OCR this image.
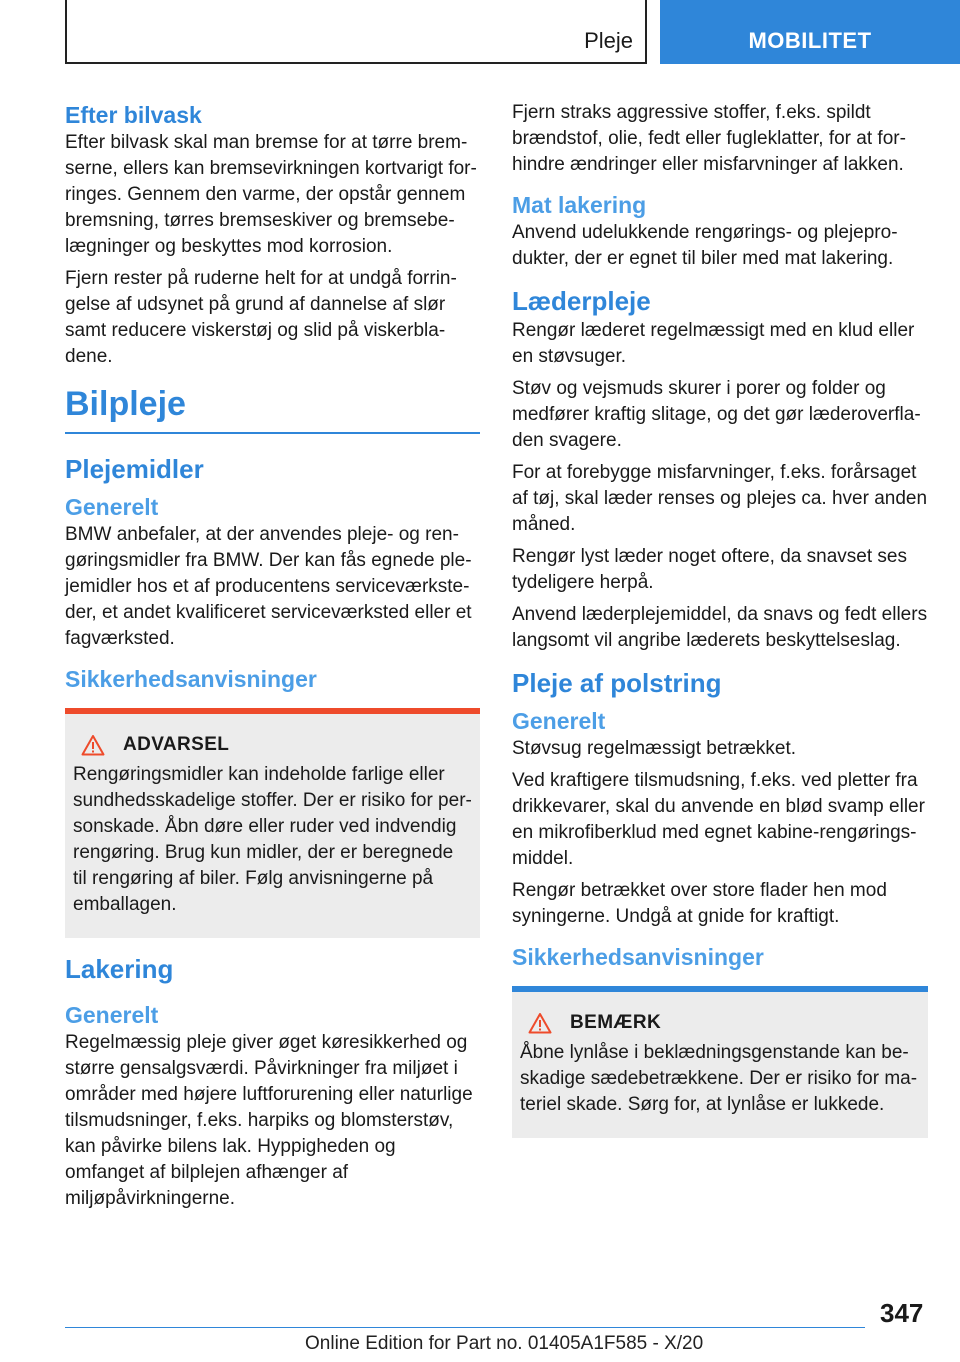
Pleje	MOBILITET
Efter bilvask

Efter bilvask skal man bremse for at tørre bremserne, ellers kan bremsevirkningen kortvarigt forringes. Gennem den varme, der opstår gennem bremsning, tørres bremseskiver og bremsebelægninger og beskyttes mod korrosion.

Fjern rester på ruderne helt for at undgå forringelse af udsynet på grund af dannelse af slør samt reducere viskerstøj og slid på viskerbladene.

Bilpleje
Plejemidler
Generelt

BMW anbefaler, at der anvendes pleje- og rengøringsmidler fra BMW. Der kan fås egnede plejemidler hos et af producentens serviceværksteder, et andet kvalificeret serviceværksted eller et fagværksted.

Sikkerhedsanvisninger
ADVARSEL

Rengøringsmidler kan indeholde farlige eller sundhedsskadelige stoffer. Der er risiko for personskade. Åbn døre eller ruder ved indvendig rengøring. Brug kun midler, der er beregnede til rengøring af biler. Følg anvisningerne på emballagen.

Lakering
Generelt

Regelmæssig pleje giver øget køresikkerhed og større gensalgsværdi. Påvirkninger fra miljøet i områder med højere luftforurening eller naturlige tilsmudsninger, f.eks. harpiks og blomsterstøv, kan påvirke bilens lak. Hyppigheden og omfanget af bilplejen afhænger af miljøpåvirkningerne.

Fjern straks aggressive stoffer, f.eks. spildt brændstof, olie, fedt eller fugleklatter, for at forhindre ændringer eller misfarvninger af lakken.

Mat lakering

Anvend udelukkende rengørings- og plejeprodukter, der er egnet til biler med mat lakering.

Læderpleje

Rengør læderet regelmæssigt med en klud eller en støvsuger.

Støv og vejsmuds skurer i porer og folder og medfører kraftig slitage, og det gør læderoverfladen svagere.

For at forebygge misfarvninger, f.eks. forårsaget af tøj, skal læder renses og plejes ca. hver anden måned.

Rengør lyst læder noget oftere, da snavset ses tydeligere herpå.

Anvend læderplejemiddel, da snavs og fedt ellers langsomt vil angribe læderets beskyttelseslag.

Pleje af polstring
Generelt

Støvsug regelmæssigt betrækket.

Ved kraftigere tilsmudsning, f.eks. ved pletter fra drikkevarer, skal du anvende en blød svamp eller en mikrofiberklud med egnet kabine-rengøringsmiddel.

Rengør betrækket over store flader hen mod syningerne. Undgå at gnide for kraftigt.

Sikkerhedsanvisninger
BEMÆRK

Åbne lynlåse i beklædningsgenstande kan beskadige sædebetrækkene. Der er risiko for materiel skade. Sørg for, at lynlåse er lukkede.

347
Online Edition for Part no. 01405A1F585 - X/20
